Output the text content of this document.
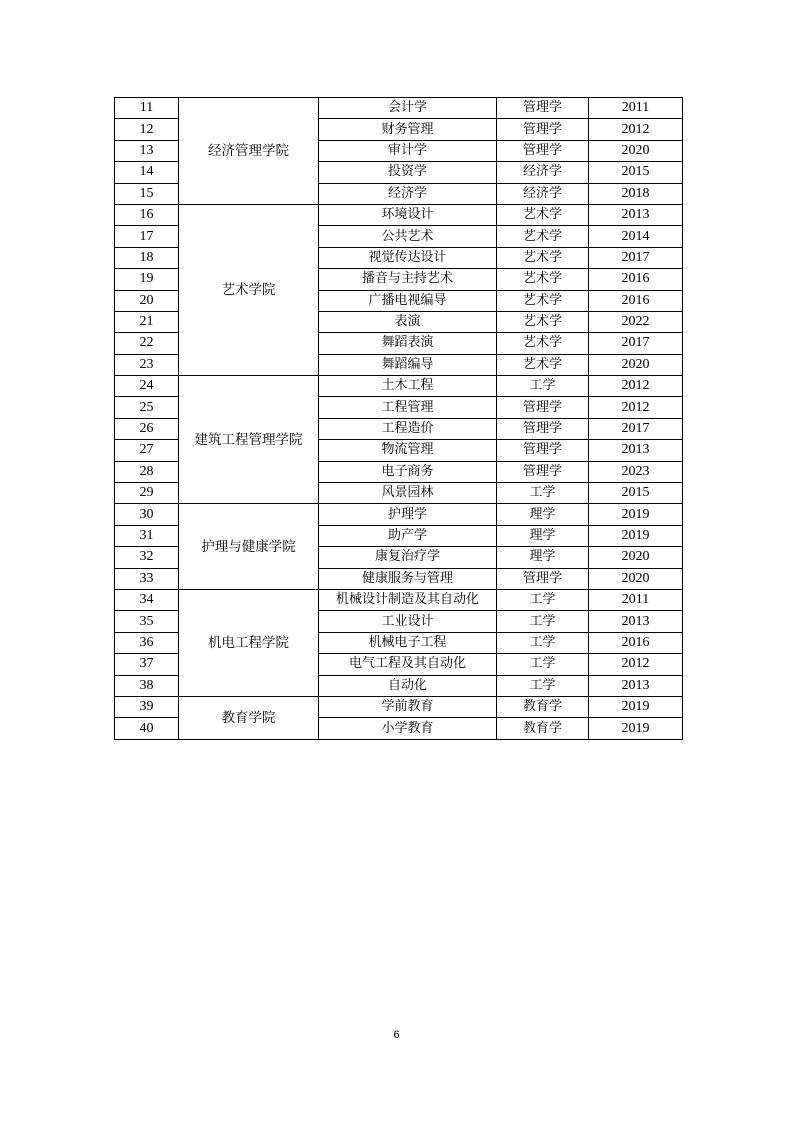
11	经济管理学院	会计学	管理学	2011
12		财务管理	管理学	2012
13		审计学	管理学	2020
14		投资学	经济学	2015
15		经济学	经济学	2018
16	艺术学院	环境设计	艺术学	2013
17		公共艺术	艺术学	2014
18		视觉传达设计	艺术学	2017
19		播音与主持艺术	艺术学	2016
20		广播电视编导	艺术学	2016
21		表演	艺术学	2022
22		舞蹈表演	艺术学	2017
23		舞蹈编导	艺术学	2020
24	建筑工程管理学院	土木工程	工学	2012
25		工程管理	管理学	2012
26		工程造价	管理学	2017
27		物流管理	管理学	2013
28		电子商务	管理学	2023
29		风景园林	工学	2015
30	护理与健康学院	护理学	理学	2019
31		助产学	理学	2019
32		康复治疗学	理学	2020
33		健康服务与管理	管理学	2020
34	机电工程学院	机械设计制造及其自动化	工学	2011
35		工业设计	工学	2013
36		机械电子工程	工学	2016
37		电气工程及其自动化	工学	2012
38		自动化	工学	2013
39	教育学院	学前教育	教育学	2019
40		小学教育	教育学	2019
6
